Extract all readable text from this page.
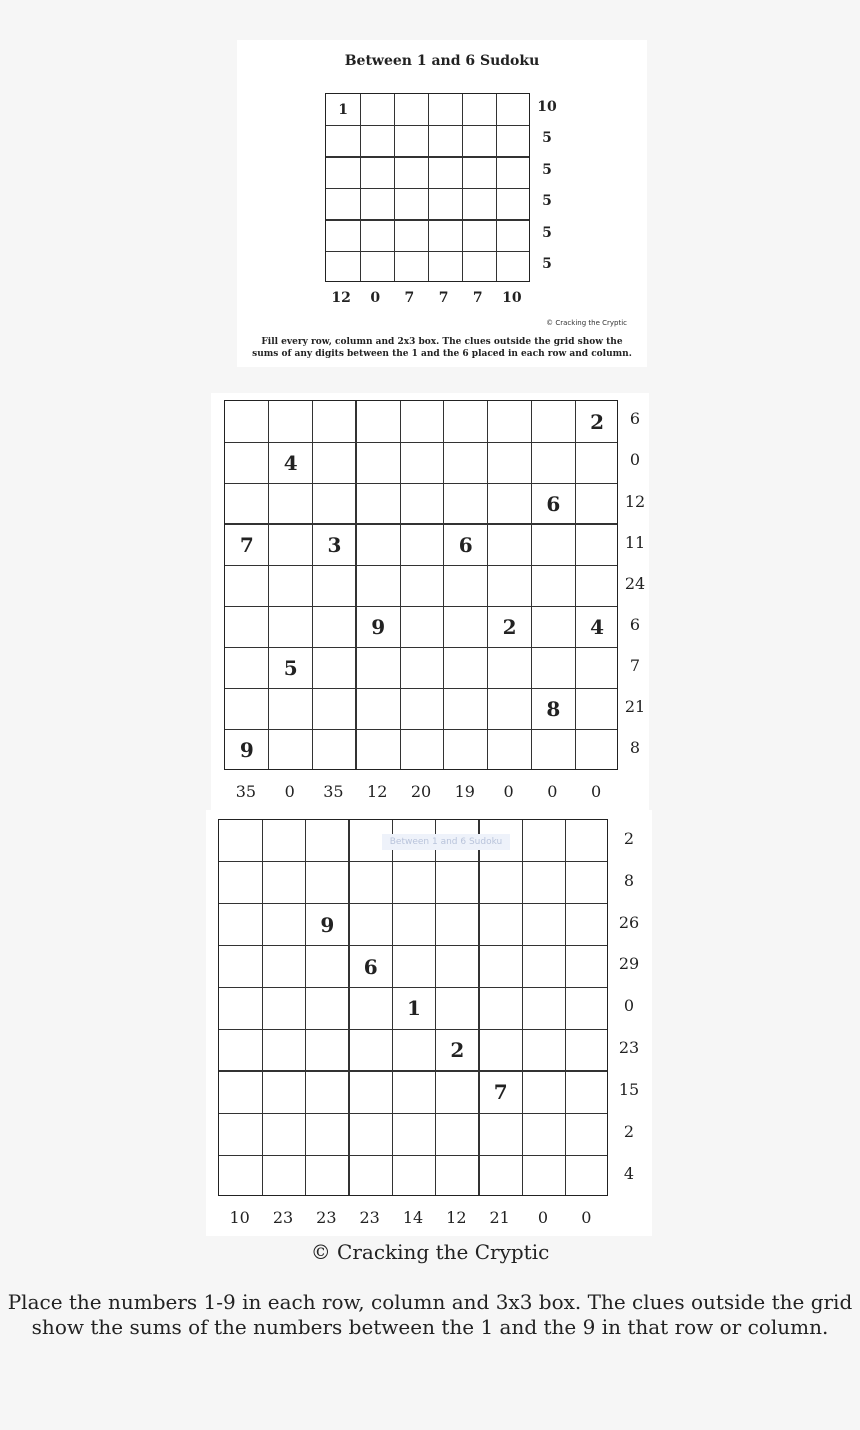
Between 1 and 6 Sudoku
1
© Cracking the Cryptic
Fill every row, column and 2x3 box. The clues outside the grid show the sums of any digits between the 1 and the 6 placed in each row and column.
10
5
5
5
5
5
12	0	7	7	7	10
2
4
6
7	3	6
9	2	4
5
8
9
6
0
12
11
24
6
7
21
8
35	0	35	12	20	19	0	0	0
9
6
1
2
7
Between 1 and 6 Sudoku	2
8
26
29
0
23
15
2
4
10	23	23	23	14	12	21	0	0
© Cracking the Cryptic
Place the numbers 1-9 in each row, column and 3x3 box. The clues outside the grid show the sums of the numbers between the 1 and the 9 in that row or column.
